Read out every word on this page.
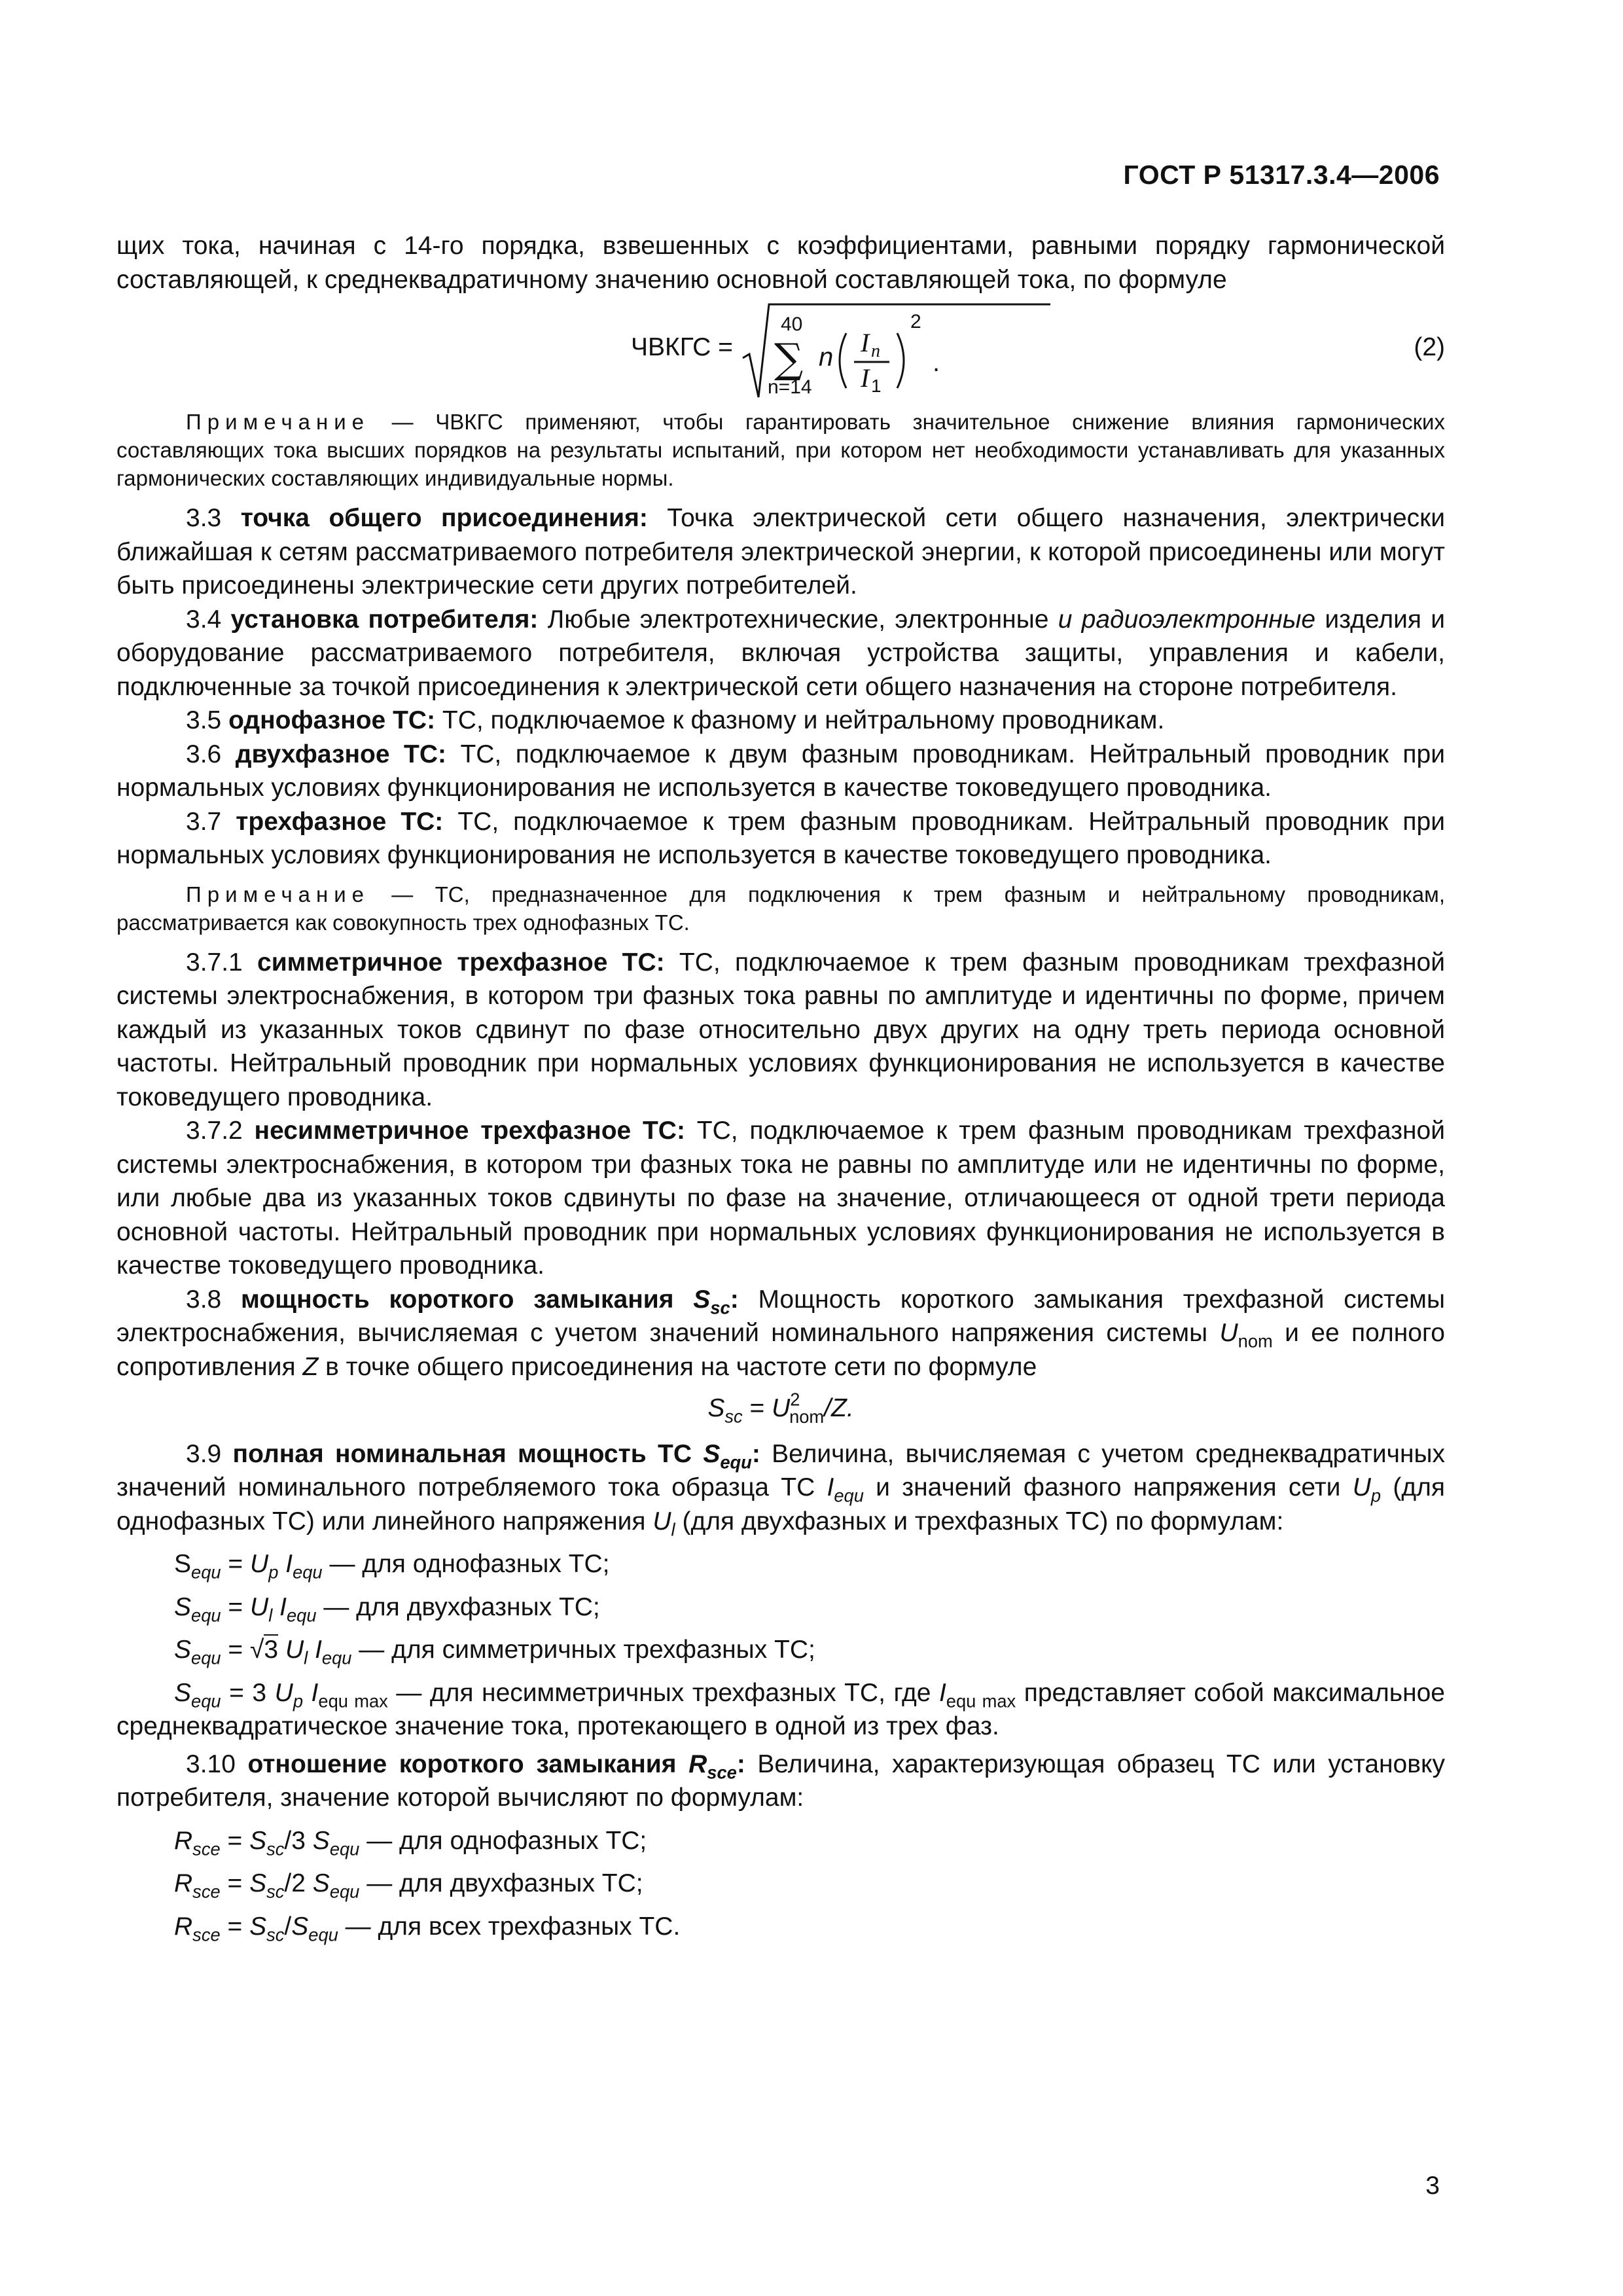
ГОСТ Р 51317.3.4—2006

щих тока, начиная с 14-го порядка, взвешенных с коэффициентами, равными порядку гармонической составляющей, к среднеквадратичному значению основной составляющей тока, по формуле

ЧВКГС =
40
∑
n=14
n I n
I 1
2
.
(2)

Примечание — ЧВКГС применяют, чтобы гарантировать значительное снижение влияния гармонических составляющих тока высших порядков на результаты испытаний, при котором нет необходимости устанавливать для указанных гармонических составляющих индивидуальные нормы.

3.3 точка общего присоединения: Точка электрической сети общего назначения, электрически ближайшая к сетям рассматриваемого потребителя электрической энергии, к которой присоединены или могут быть присоединены электрические сети других потребителей.

3.4 установка потребителя: Любые электротехнические, электронные и радиоэлектронные изделия и оборудование рассматриваемого потребителя, включая устройства защиты, управления и кабели, подключенные за точкой присоединения к электрической сети общего назначения на стороне потребителя.

3.5 однофазное ТС: ТС, подключаемое к фазному и нейтральному проводникам.

3.6 двухфазное ТС: ТС, подключаемое к двум фазным проводникам. Нейтральный проводник при нормальных условиях функционирования не используется в качестве токоведущего проводника.

3.7 трехфазное ТС: ТС, подключаемое к трем фазным проводникам. Нейтральный проводник при нормальных условиях функционирования не используется в качестве токоведущего проводника.

Примечание — ТС, предназначенное для подключения к трем фазным и нейтральному проводникам, рассматривается как совокупность трех однофазных ТС.

3.7.1 симметричное трехфазное ТС: ТС, подключаемое к трем фазным проводникам трехфазной системы электроснабжения, в котором три фазных тока равны по амплитуде и идентичны по форме, причем каждый из указанных токов сдвинут по фазе относительно двух других на одну треть периода основной частоты. Нейтральный проводник при нормальных условиях функционирования не используется в качестве токоведущего проводника.

3.7.2 несимметричное трехфазное ТС: ТС, подключаемое к трем фазным проводникам трехфазной системы электроснабжения, в котором три фазных тока не равны по амплитуде или не идентичны по форме, или любые два из указанных токов сдвинуты по фазе на значение, отличающееся от одной трети периода основной частоты. Нейтральный проводник при нормальных условиях функционирования не используется в качестве токоведущего проводника.

3.8 мощность короткого замыкания $S_{sc}$: Мощность короткого замыкания трехфазной системы электроснабжения, вычисляемая с учетом значений номинального напряжения системы $U_{nom}$ и ее полного сопротивления Z в точке общего присоединения на частоте сети по формуле

$S_{sc} = U^2_{nom}/Z$.

3.9 полная номинальная мощность ТС $S_{equ}$: Величина, вычисляемая с учетом среднеквадратичных значений номинального потребляемого тока образца ТС $I_{equ}$ и значений фазного напряжения сети $U_p$ (для однофазных ТС) или линейного напряжения $U_l$ (для двухфазных и трехфазных ТС) по формулам:

$S_{equ} = U_p$ $I_{equ}$ — для однофазных ТС;

$S_{equ} = U_l$ $I_{equ}$ — для двухфазных ТС;

$S_{equ} = √3$ $U_l$ $I_{equ}$ — для симметричных трехфазных ТС;

$S_{equ} = 3$ $U_p$ $I_{equ max}$ — для несимметричных трехфазных ТС, где $I_{equ max}$ представляет собой максимальное среднеквадратическое значение тока, протекающего в одной из трех фаз.

3.10 отношение короткого замыкания $R_{sce}$: Величина, характеризующая образец ТС или установку потребителя, значение которой вычисляют по формулам:

$R_{sce} = S_{sc}/3$ $S_{equ}$ — для однофазных ТС;

$R_{sce} = S_{sc}/2$ $S_{equ}$ — для двухфазных ТС;

$R_{sce} = S_{sc}/S_{equ}$ — для всех трехфазных ТС.

3
